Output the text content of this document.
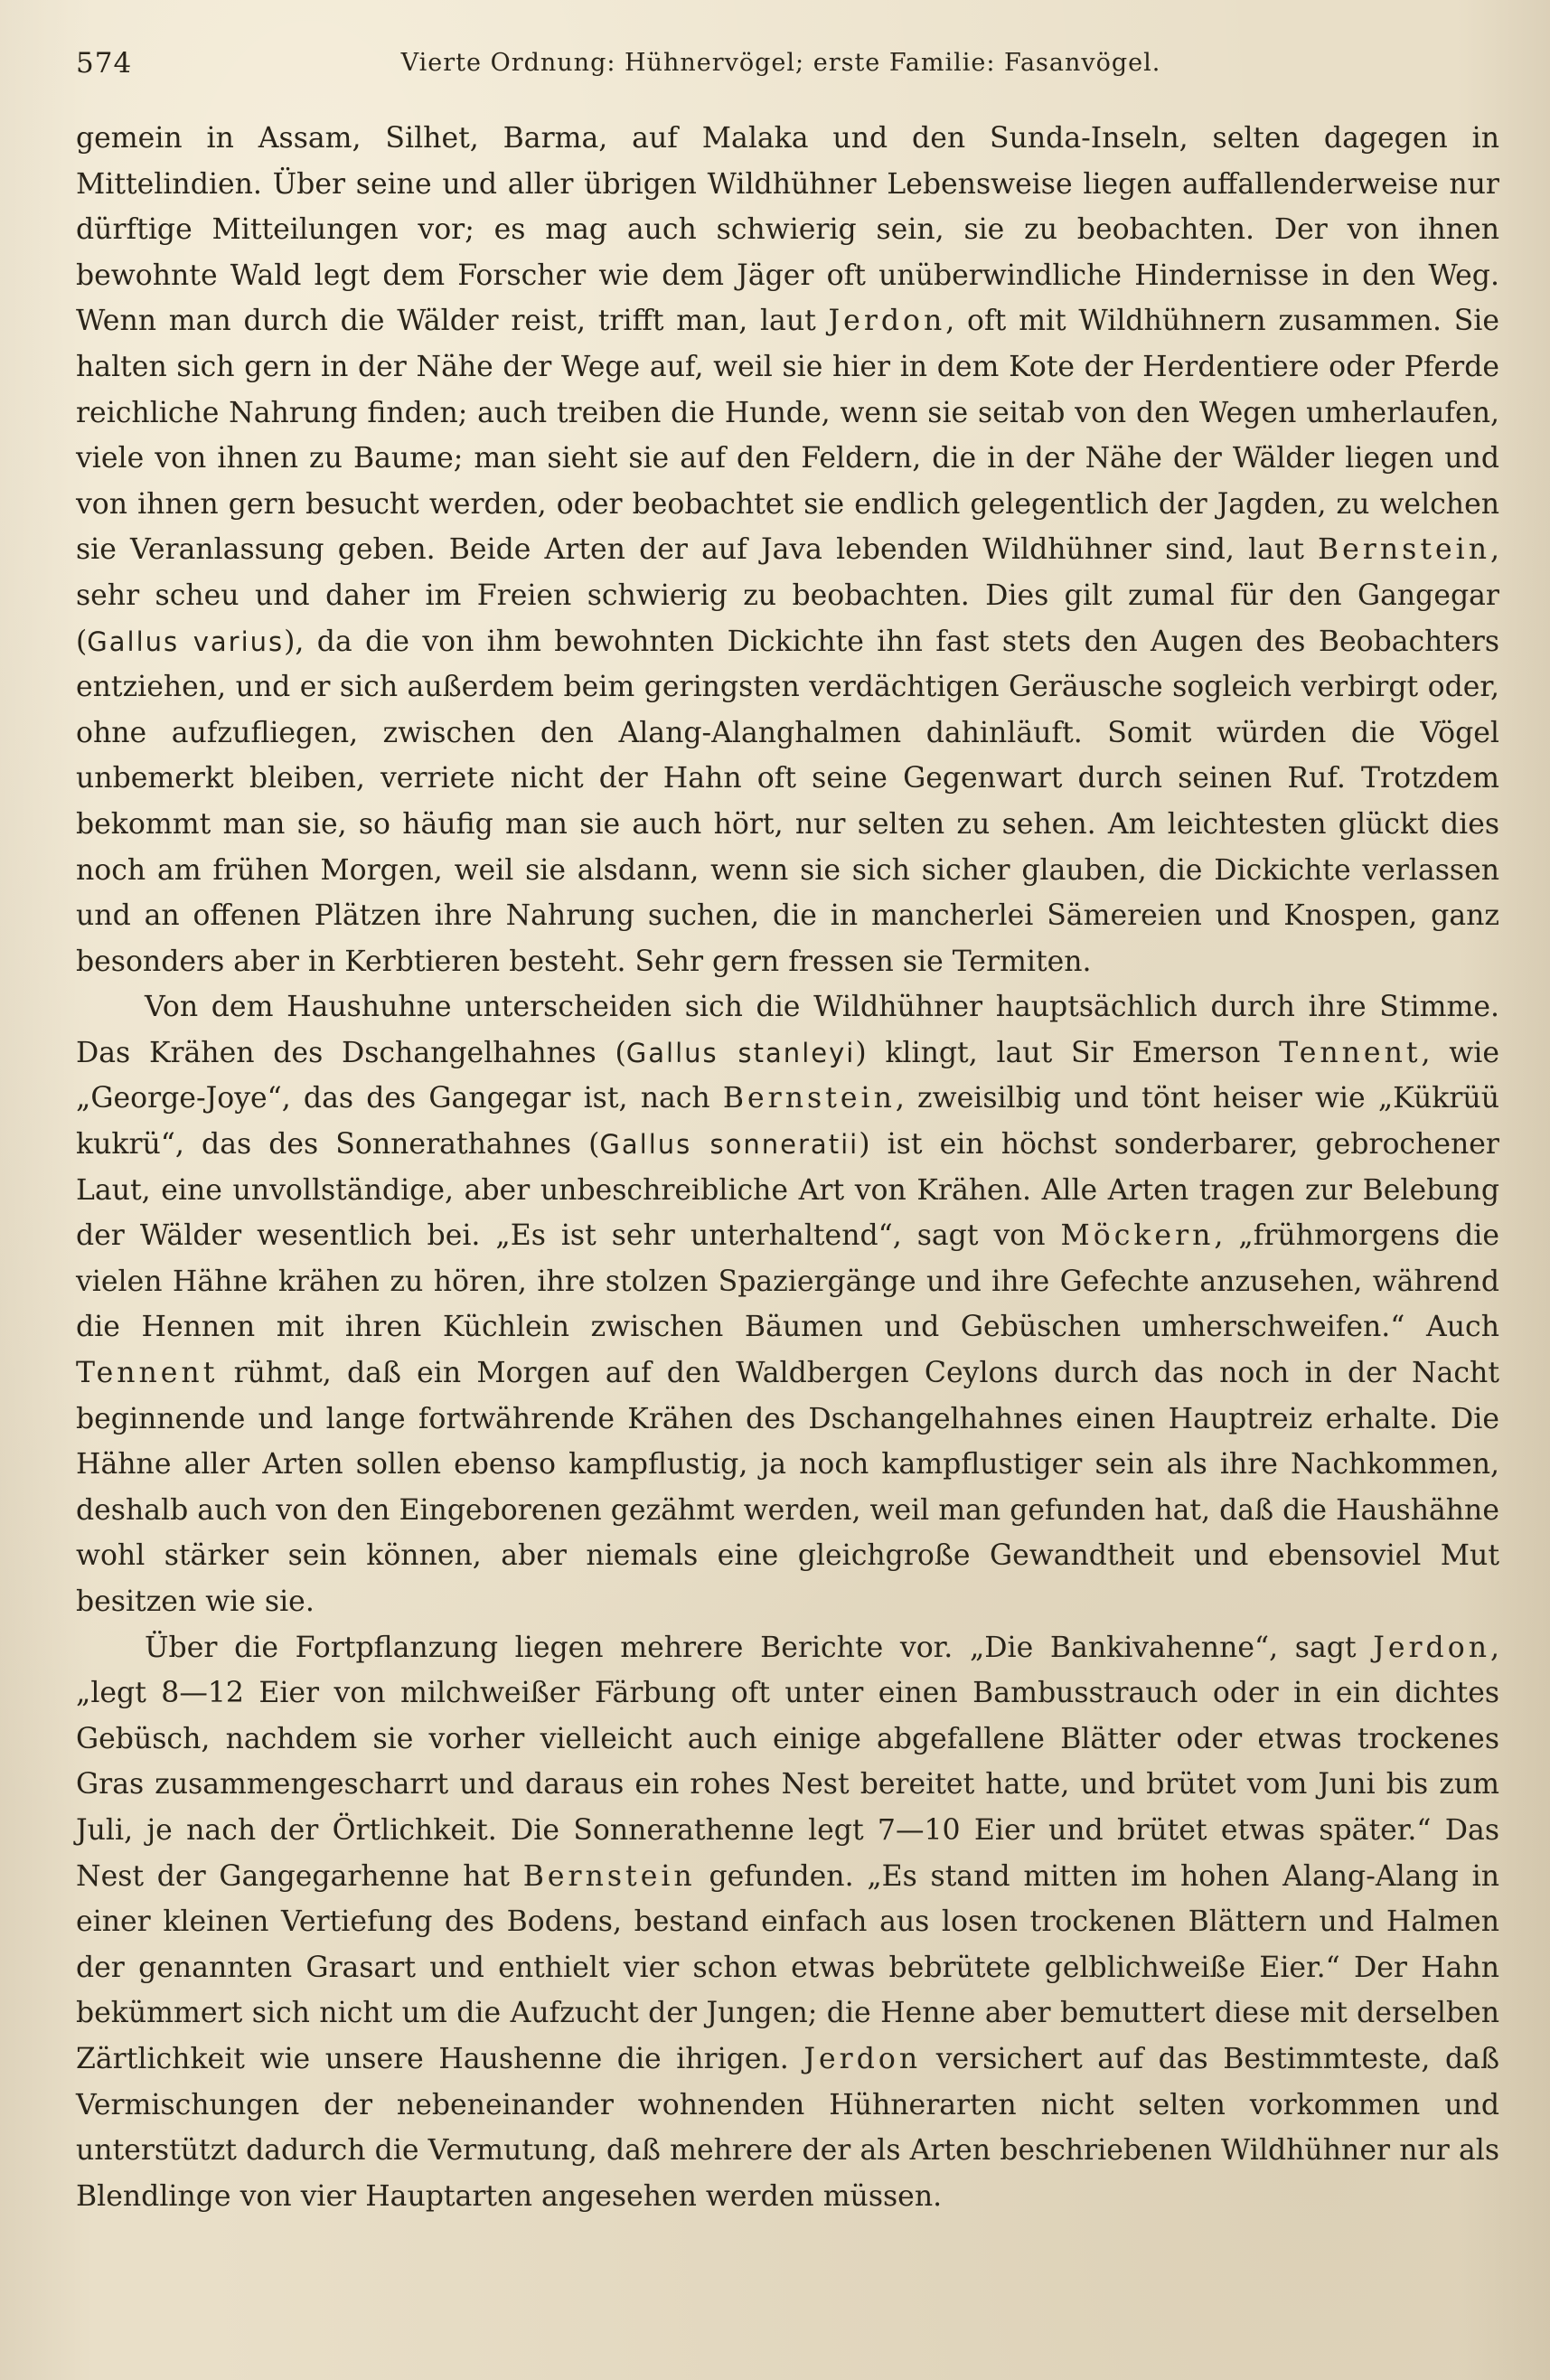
574	Vierte Ordnung: Hühnervögel; erste Familie: Fasanvögel.

gemein in Assam, Silhet, Barma, auf Malaka und den Sunda-Inseln, selten dagegen in Mittelindien. Über seine und aller übrigen Wildhühner Lebensweise liegen auffallenderweise nur dürftige Mitteilungen vor; es mag auch schwierig sein, sie zu beobachten. Der von ihnen bewohnte Wald legt dem Forscher wie dem Jäger oft unüberwindliche Hindernisse in den Weg. Wenn man durch die Wälder reist, trifft man, laut Jerdon, oft mit Wildhühnern zusammen. Sie halten sich gern in der Nähe der Wege auf, weil sie hier in dem Kote der Herdentiere oder Pferde reichliche Nahrung finden; auch treiben die Hunde, wenn sie seitab von den Wegen umherlaufen, viele von ihnen zu Baume; man sieht sie auf den Feldern, die in der Nähe der Wälder liegen und von ihnen gern besucht werden, oder beobachtet sie endlich gelegentlich der Jagden, zu welchen sie Veranlassung geben. Beide Arten der auf Java lebenden Wildhühner sind, laut Bernstein, sehr scheu und daher im Freien schwierig zu beobachten. Dies gilt zumal für den Gangegar (Gallus varius), da die von ihm bewohnten Dickichte ihn fast stets den Augen des Beobachters entziehen, und er sich außerdem beim geringsten verdächtigen Geräusche sogleich verbirgt oder, ohne aufzufliegen, zwischen den Alang-Alanghalmen dahinläuft. Somit würden die Vögel unbemerkt bleiben, verriete nicht der Hahn oft seine Gegenwart durch seinen Ruf. Trotzdem bekommt man sie, so häufig man sie auch hört, nur selten zu sehen. Am leichtesten glückt dies noch am frühen Morgen, weil sie alsdann, wenn sie sich sicher glauben, die Dickichte verlassen und an offenen Plätzen ihre Nahrung suchen, die in mancherlei Sämereien und Knospen, ganz besonders aber in Kerbtieren besteht. Sehr gern fressen sie Termiten.

Von dem Haushuhne unterscheiden sich die Wildhühner hauptsächlich durch ihre Stimme. Das Krähen des Dschangelhahnes (Gallus stanleyi) klingt, laut Sir Emerson Tennent, wie „George-Joye“, das des Gangegar ist, nach Bernstein, zweisilbig und tönt heiser wie „Kükrüü kukrü“, das des Sonnerathahnes (Gallus sonneratii) ist ein höchst sonderbarer, gebrochener Laut, eine unvollständige, aber unbeschreibliche Art von Krähen. Alle Arten tragen zur Belebung der Wälder wesentlich bei. „Es ist sehr unterhaltend“, sagt von Möckern, „frühmorgens die vielen Hähne krähen zu hören, ihre stolzen Spaziergänge und ihre Gefechte anzusehen, während die Hennen mit ihren Küchlein zwischen Bäumen und Gebüschen umherschweifen.“ Auch Tennent rühmt, daß ein Morgen auf den Waldbergen Ceylons durch das noch in der Nacht beginnende und lange fortwährende Krähen des Dschangelhahnes einen Hauptreiz erhalte. Die Hähne aller Arten sollen ebenso kampflustig, ja noch kampflustiger sein als ihre Nachkommen, deshalb auch von den Eingeborenen gezähmt werden, weil man gefunden hat, daß die Haushähne wohl stärker sein können, aber niemals eine gleichgroße Gewandtheit und ebensoviel Mut besitzen wie sie.

Über die Fortpflanzung liegen mehrere Berichte vor. „Die Bankivahenne“, sagt Jerdon, „legt 8—12 Eier von milchweißer Färbung oft unter einen Bambusstrauch oder in ein dichtes Gebüsch, nachdem sie vorher vielleicht auch einige abgefallene Blätter oder etwas trockenes Gras zusammengescharrt und daraus ein rohes Nest bereitet hatte, und brütet vom Juni bis zum Juli, je nach der Örtlichkeit. Die Sonnerathenne legt 7—10 Eier und brütet etwas später.“ Das Nest der Gangegarhenne hat Bernstein gefunden. „Es stand mitten im hohen Alang-Alang in einer kleinen Vertiefung des Bodens, bestand einfach aus losen trockenen Blättern und Halmen der genannten Grasart und enthielt vier schon etwas bebrütete gelblichweiße Eier.“ Der Hahn bekümmert sich nicht um die Aufzucht der Jungen; die Henne aber bemuttert diese mit derselben Zärtlichkeit wie unsere Haushenne die ihrigen. Jerdon versichert auf das Bestimmteste, daß Vermischungen der nebeneinander wohnenden Hühnerarten nicht selten vorkommen und unterstützt dadurch die Vermutung, daß mehrere der als Arten beschriebenen Wildhühner nur als Blendlinge von vier Hauptarten angesehen werden müssen.
